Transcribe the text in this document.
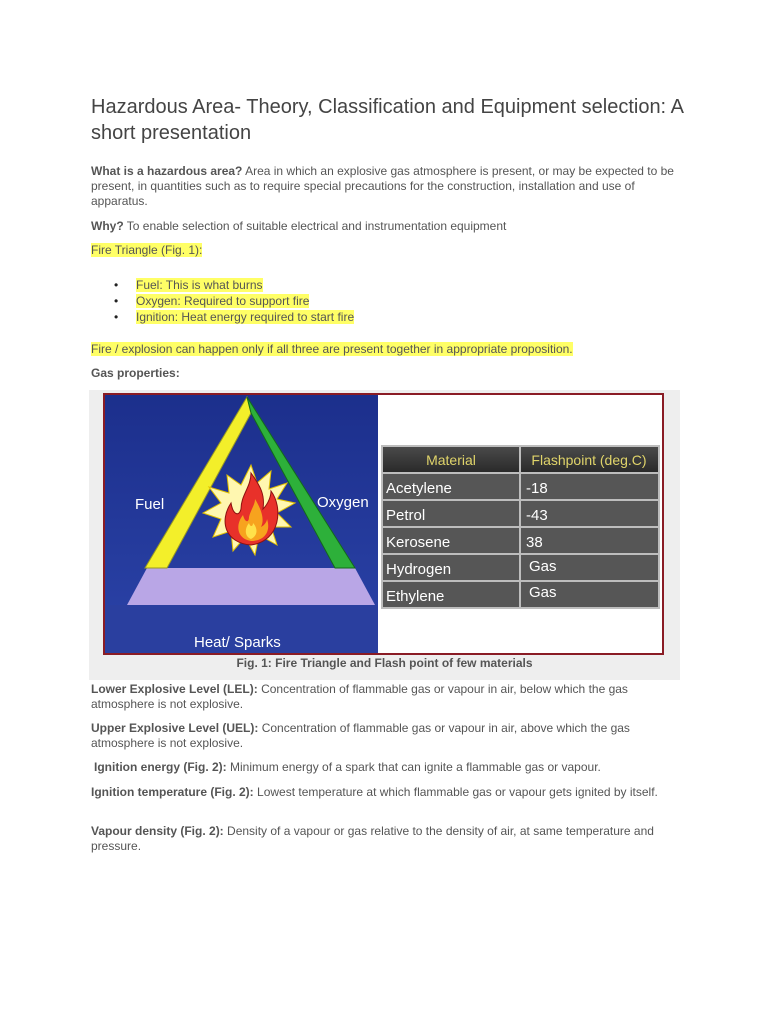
Hazardous Area- Theory, Classification and Equipment selection: A short presentation

What is a hazardous area? Area in which an explosive gas atmosphere is present, or may be expected to be present, in quantities such as to require special precautions for the construction, installation and use of apparatus.

Why? To enable selection of suitable electrical and instrumentation equipment

Fire Triangle (Fig. 1):

• Fuel: This is what burns
• Oxygen: Required to support fire
• Ignition: Heat energy required to start fire

Fire / explosion can happen only if all three are present together in appropriate proposition.

Gas properties:

Lower Explosive Level (LEL): Concentration of flammable gas or vapour in air, below which the gas atmosphere is not explosive.

Upper Explosive Level (UEL): Concentration of flammable gas or vapour in air, above which the gas atmosphere is not explosive.

Ignition energy (Fig. 2): Minimum energy of a spark that can ignite a flammable gas or vapour.

Ignition temperature (Fig. 2): Lowest temperature at which flammable gas or vapour gets ignited by itself.

Vapour density (Fig. 2): Density of a vapour or gas relative to the density of air, at same temperature and pressure.

Fuel	Oxygen
Heat/ Sparks
Material	Flashpoint (deg.C)
Acetylene	-18
Petrol	-43
Kerosene	38
Hydrogen	Gas
Ethylene	Gas
Fig. 1: Fire Triangle and Flash point of few materials
